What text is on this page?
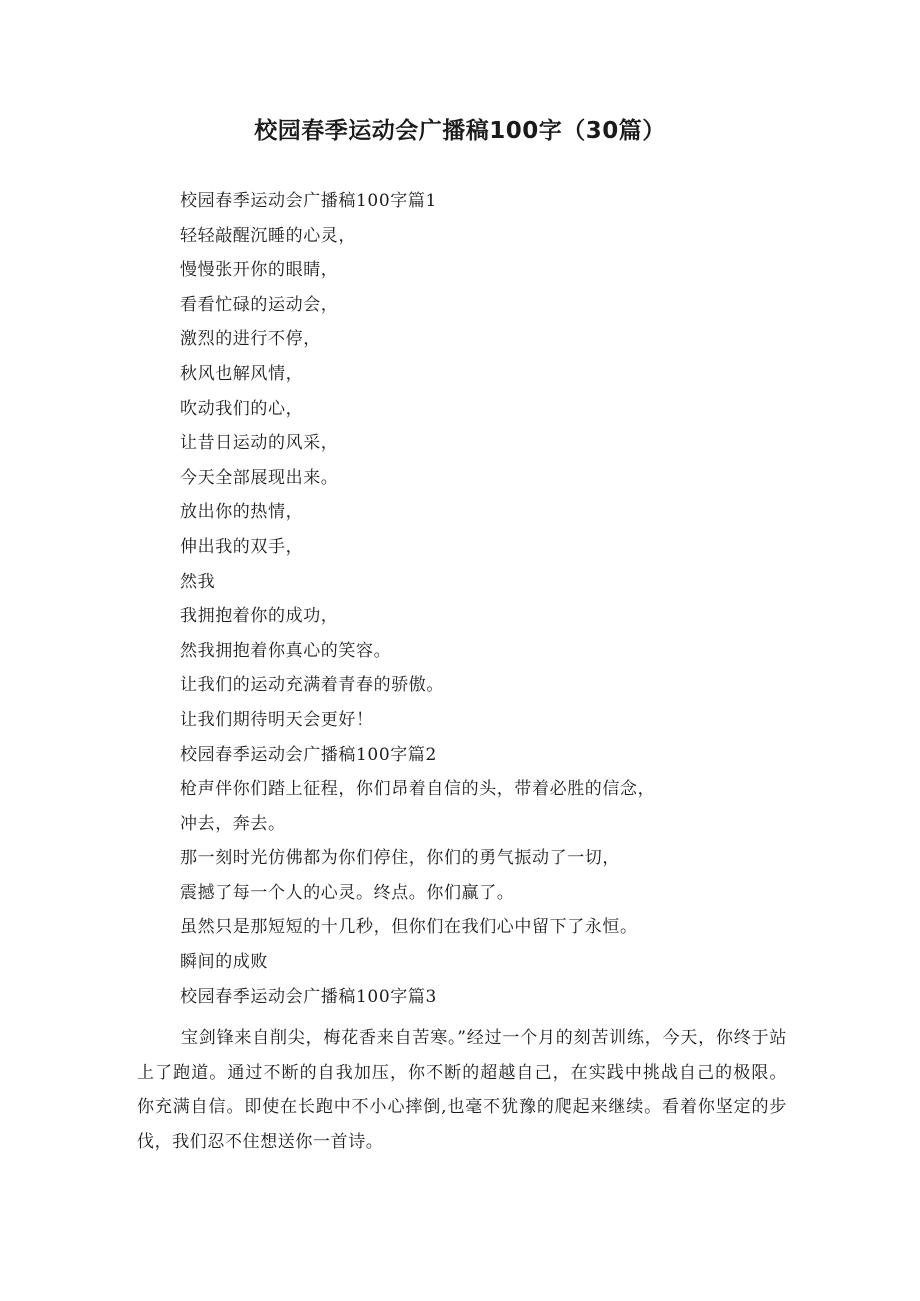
校园春季运动会广播稿100字（30篇）
校园春季运动会广播稿100字篇1
轻轻敲醒沉睡的心灵，
慢慢张开你的眼睛，
看看忙碌的运动会，
激烈的进行不停，
秋风也解风情，
吹动我们的心，
让昔日运动的风采，
今天全部展现出来。
放出你的热情，
伸出我的双手，
然我
我拥抱着你的成功，
然我拥抱着你真心的笑容。
让我们的运动充满着青春的骄傲。
让我们期待明天会更好！
校园春季运动会广播稿100字篇2
枪声伴你们踏上征程，你们昂着自信的头，带着必胜的信念，
冲去，奔去。
那一刻时光仿佛都为你们停住，你们的勇气振动了一切，
震撼了每一个人的心灵。终点。你们赢了。
虽然只是那短短的十几秒，但你们在我们心中留下了永恒。
瞬间的成败
校园春季运动会广播稿100字篇3

宝剑锋来自削尖，梅花香来自苦寒。”经过一个月的刻苦训练，今天，你终于站上了跑道。通过不断的自我加压，你不断的超越自己，在实践中挑战自己的极限。你充满自信。即使在长跑中不小心摔倒,也毫不犹豫的爬起来继续。看着你坚定的步伐，我们忍不住想送你一首诗。
